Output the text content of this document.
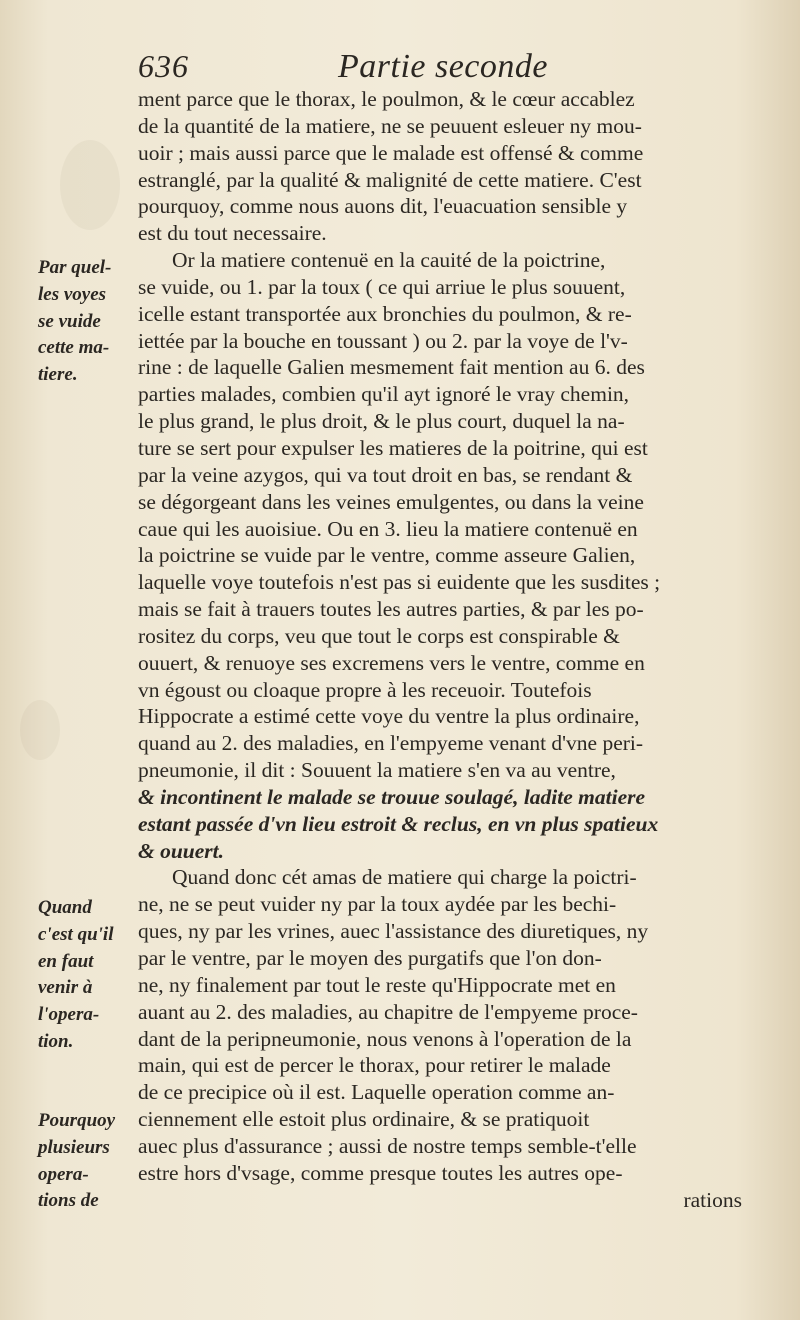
636	Partie seconde
Par quel-
les voyes
se vuide
cette ma-
tiere.
Quand
c'est qu'il
en faut
venir à
l'opera-
tion.
Pourquoy
plusieurs
opera-
tions de
ment parce que le thorax, le poulmon, & le cœur accablez
de la quantité de la matiere, ne se peuuent esleuer ny mou-
uoir ; mais aussi parce que le malade est offensé & comme
estranglé, par la qualité & malignité de cette matiere. C'est
pourquoy, comme nous auons dit, l'euacuation sensible y
est du tout necessaire.
Or la matiere contenuë en la cauité de la poictrine,
se vuide, ou 1. par la toux ( ce qui arriue le plus souuent,
icelle estant transportée aux bronchies du poulmon, & re-
iettée par la bouche en toussant ) ou 2. par la voye de l'v-
rine : de laquelle Galien mesmement fait mention au 6. des
parties malades, combien qu'il ayt ignoré le vray chemin,
le plus grand, le plus droit, & le plus court, duquel la na-
ture se sert pour expulser les matieres de la poitrine, qui est
par la veine azygos, qui va tout droit en bas, se rendant &
se dégorgeant dans les veines emulgentes, ou dans la veine
caue qui les auoisiue. Ou en 3. lieu la matiere contenuë en
la poictrine se vuide par le ventre, comme asseure Galien,
laquelle voye toutefois n'est pas si euidente que les susdites ;
mais se fait à trauers toutes les autres parties, & par les po-
rositez du corps, veu que tout le corps est conspirable &
ouuert, & renuoye ses excremens vers le ventre, comme en
vn égoust ou cloaque propre à les receuoir. Toutefois
Hippocrate a estimé cette voye du ventre la plus ordinaire,
quand au 2. des maladies, en l'empyeme venant d'vne peri-
pneumonie, il dit : Souuent la matiere s'en va au ventre,
& incontinent le malade se trouue soulagé, ladite matiere
estant passée d'vn lieu estroit & reclus, en vn plus spatieux
& ouuert.
Quand donc cét amas de matiere qui charge la poictri-
ne, ne se peut vuider ny par la toux aydée par les bechi-
ques, ny par les vrines, auec l'assistance des diuretiques, ny
par le ventre, par le moyen des purgatifs que l'on don-
ne, ny finalement par tout le reste qu'Hippocrate met en
auant au 2. des maladies, au chapitre de l'empyeme proce-
dant de la peripneumonie, nous venons à l'operation de la
main, qui est de percer le thorax, pour retirer le malade
de ce precipice où il est. Laquelle operation comme an-
ciennement elle estoit plus ordinaire, & se pratiquoit
auec plus d'assurance ; aussi de nostre temps semble-t'elle
estre hors d'vsage, comme presque toutes les autres ope-
rations
